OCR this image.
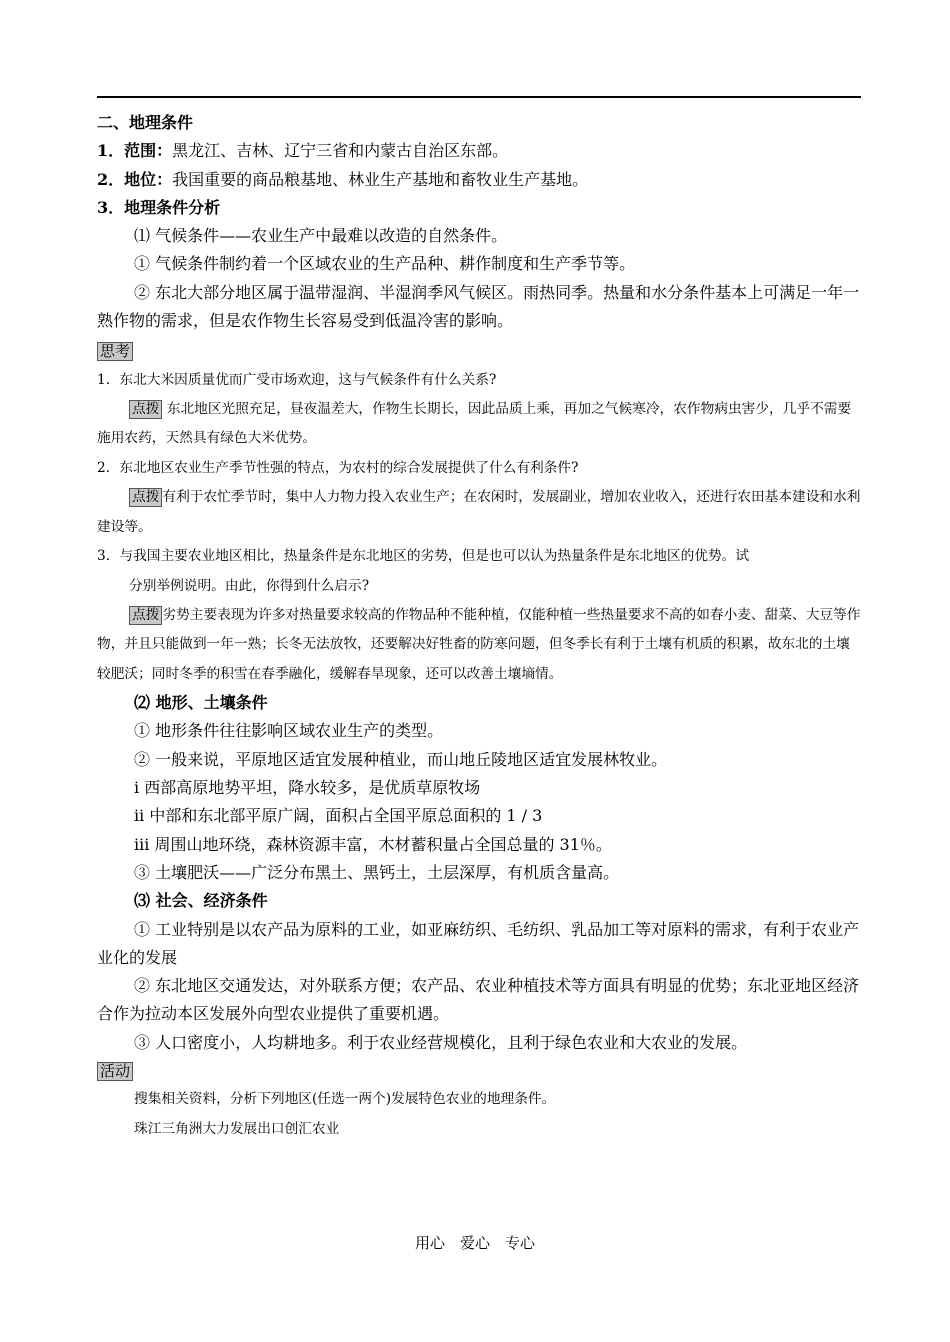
二、地理条件

1．范围：黑龙江、吉林、辽宁三省和内蒙古自治区东部。

2．地位：我国重要的商品粮基地、林业生产基地和畜牧业生产基地。

3．地理条件分析

⑴ 气候条件——农业生产中最难以改造的自然条件。

① 气候条件制约着一个区域农业的生产品种、耕作制度和生产季节等。

② 东北大部分地区属于温带湿润、半湿润季风气候区。雨热同季。热量和水分条件基本上可满足一年一熟作物的需求，但是农作物生长容易受到低温冷害的影响。

思考

1．东北大米因质量优而广受市场欢迎，这与气候条件有什么关系?

点拨 东北地区光照充足，昼夜温差大，作物生长期长，因此品质上乘，再加之气候寒冷，农作物病虫害少，几乎不需要施用农药，天然具有绿色大米优势。

2．东北地区农业生产季节性强的特点，为农村的综合发展提供了什么有利条件?

点拨 有利于农忙季节时，集中人力物力投入农业生产；在农闲时，发展副业，增加农业收入，还进行农田基本建设和水利建设等。

3．与我国主要农业地区相比，热量条件是东北地区的劣势，但是也可以认为热量条件是东北地区的优势。试

分别举例说明。由此，你得到什么启示?

点拨 劣势主要表现为许多对热量要求较高的作物品种不能种植，仅能种植一些热量要求不高的如春小麦、甜菜、大豆等作物，并且只能做到一年一熟；长冬无法放牧，还要解决好牲畜的防寒问题，但冬季长有利于土壤有机质的积累，故东北的土壤较肥沃；同时冬季的积雪在春季融化，缓解春旱现象，还可以改善土壤墒情。

⑵ 地形、土壤条件

① 地形条件往往影响区域农业生产的类型。

② 一般来说，平原地区适宜发展种植业，而山地丘陵地区适宜发展林牧业。

ⅰ 西部高原地势平坦，降水较多，是优质草原牧场

ⅱ 中部和东北部平原广阔，面积占全国平原总面积的 1 / 3

ⅲ 周围山地环绕，森林资源丰富，木材蓄积量占全国总量的 31％。

③ 土壤肥沃——广泛分布黑土、黑钙土，土层深厚，有机质含量高。

⑶ 社会、经济条件

① 工业特别是以农产品为原料的工业，如亚麻纺织、毛纺织、乳品加工等对原料的需求，有利于农业产业化的发展

② 东北地区交通发达，对外联系方便；农产品、农业种植技术等方面具有明显的优势；东北亚地区经济合作为拉动本区发展外向型农业提供了重要机遇。

③ 人口密度小，人均耕地多。利于农业经营规模化，且利于绿色农业和大农业的发展。

活动

搜集相关资料，分析下列地区(任选一两个)发展特色农业的地理条件。

珠江三角洲大力发展出口创汇农业

用心　爱心　专心
